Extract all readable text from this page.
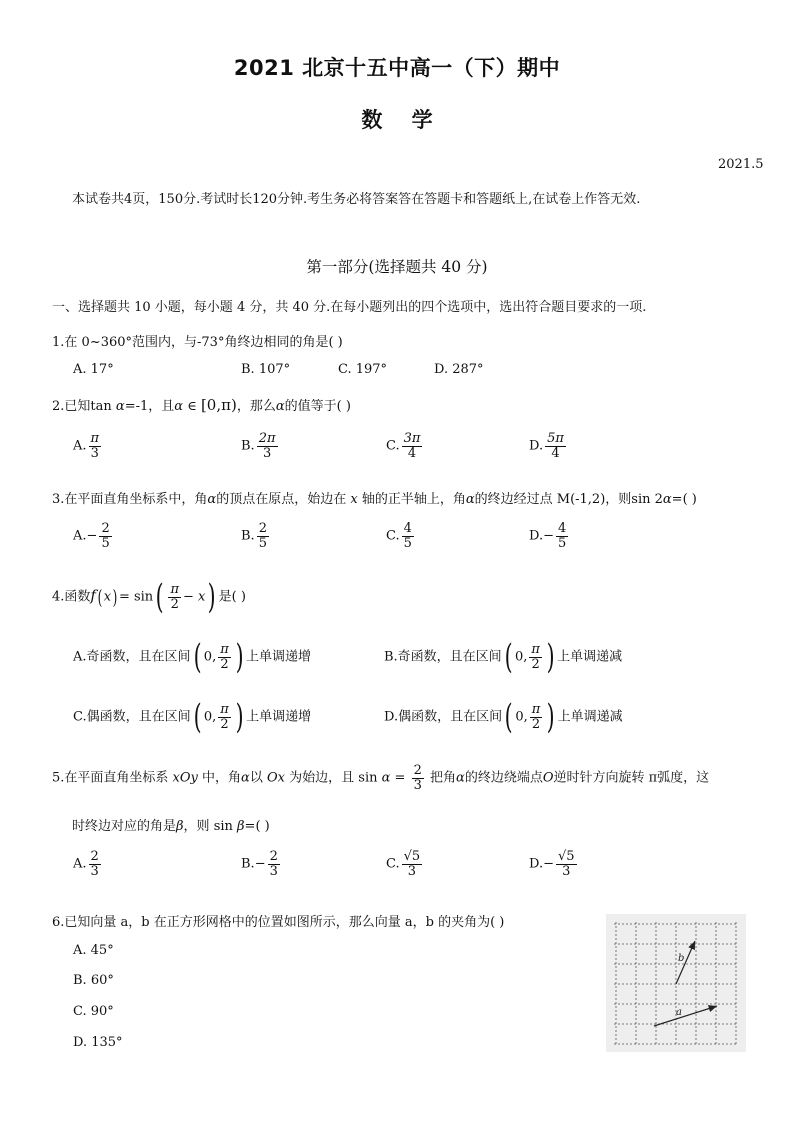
2021 北京十五中高一（下）期中
数    学
2021.5
本试卷共4页，150分.考试时长120分钟.考生务必将答案答在答题卡和答题纸上,在试卷上作答无效.
第一部分(选择题共 40 分)
一、选择题共 10 小题，每小题 4 分，共 40 分.在每小题列出的四个选项中，选出符合题目要求的一项.
1.在 0~360°范围内，与-73°角终边相同的角是( )
A. 17°	B. 107°	C. 197°	D. 287°
2.已知tan α=-1，且α ∈ [0,π)，那么α的值等于( )
A. $\frac{\pi}{3}$	B. $\frac{2\pi}{3}$	C. $\frac{3\pi}{4}$	D. $\frac{5\pi}{4}$
3.在平面直角坐标系中，角α的顶点在原点，始边在 x 轴的正半轴上，角α的终边经过点 M(-1,2)，则sin 2α=( )
$A.- \frac{2}{5}$	B. $\frac{2}{5}$	C. $\frac{4}{5}$	$D.- \frac{4}{5}$
4.函数f( $x) = \sin( \frac{\pi}{2} - x)$ 是( )
A.奇函数，且在区间( 0, $\frac{\pi}{2}$ ) 上单调递增	B.奇函数，且在区间( 0, $\frac{\pi}{2}$ ) 上单调递减
C.偶函数，且在区间( 0, $\frac{\pi}{2}$ ) 上单调递增	D.偶函数，且在区间( 0, $\frac{\pi}{2}$ ) 上单调递减
5.在平面直角坐标系 xOy 中，角α以 Ox 为始边，且 $\sin \alpha = \frac{2}{3}$ 把角α的终边绕端点O逆时针方向旋转 π弧度，这
时终边对应的角是β，则 sin β=( )
A. $\frac{2}{3}$	$B.- \frac{2}{3}$	C. $\frac{√5}{3}$	$D.- \frac{√5}{3}$
6.已知向量 a，b 在正方形网格中的位置如图所示，那么向量 a，b 的夹角为( )
A. 45°
B. 60°
C. 90°
D. 135°
b
a
